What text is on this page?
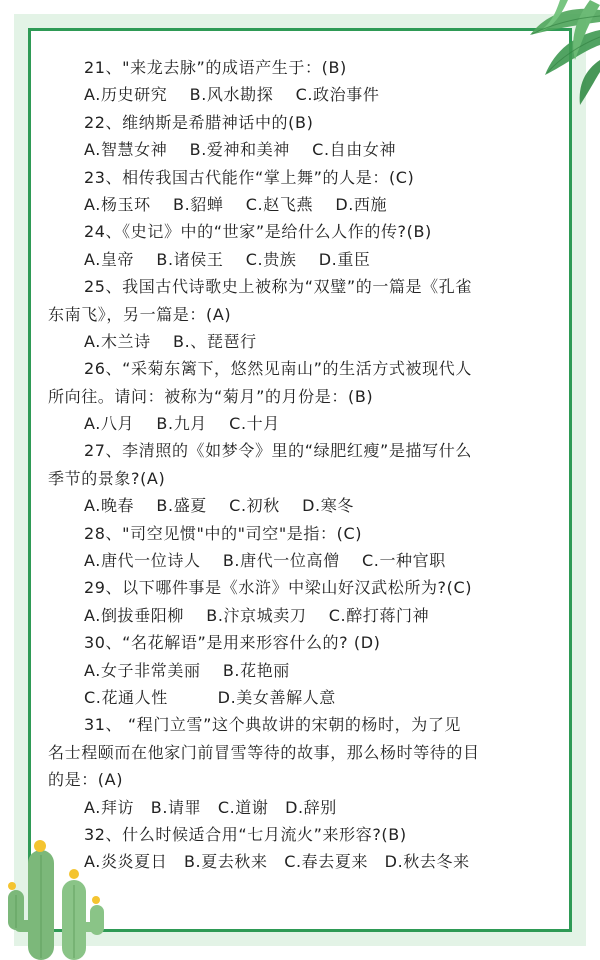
21、"来龙去脉”的成语产生于：(B)
A.历史研究　 B.风水勘探　 C.政治事件
22、维纳斯是希腊神话中的(B)
A.智慧女神　 B.爱神和美神　 C.自由女神
23、相传我国古代能作“掌上舞”的人是：(C)
A.杨玉环　 B.貂蝉　 C.赵飞燕　 D.西施
24、《史记》中的“世家”是给什么人作的传?(B)
A.皇帝　 B.诸侯王　 C.贵族　 D.重臣
25、我国古代诗歌史上被称为“双璧”的一篇是《孔雀
东南飞》，另一篇是：(A)
A.木兰诗　 B.、琵琶行
26、“采菊东篱下，悠然见南山”的生活方式被现代人
所向往。请问：被称为“菊月”的月份是：(B)
A.八月　 B.九月　 C.十月
27、李清照的《如梦令》里的“绿肥红瘦”是描写什么
季节的景象?(A)
A.晚春　 B.盛夏　 C.初秋　 D.寒冬
28、"司空见惯"中的"司空"是指：(C)
A.唐代一位诗人　 B.唐代一位高僧　 C.一种官职
29、以下哪件事是《水浒》中梁山好汉武松所为?(C)
A.倒拔垂阳柳　 B.汴京城卖刀　 C.醉打蒋门神
30、“名花解语”是用来形容什么的? (D)
A.女子非常美丽　 B.花艳丽
C.花通人性　　　D.美女善解人意
31、 “程门立雪”这个典故讲的宋朝的杨时，为了见
名士程颐而在他家门前冒雪等待的故事，那么杨时等待的目
的是：(A)
A.拜访　B.请罪　C.道谢　D.辞别
32、什么时候适合用“七月流火”来形容?(B)
A.炎炎夏日　B.夏去秋来　C.春去夏来　D.秋去冬来
